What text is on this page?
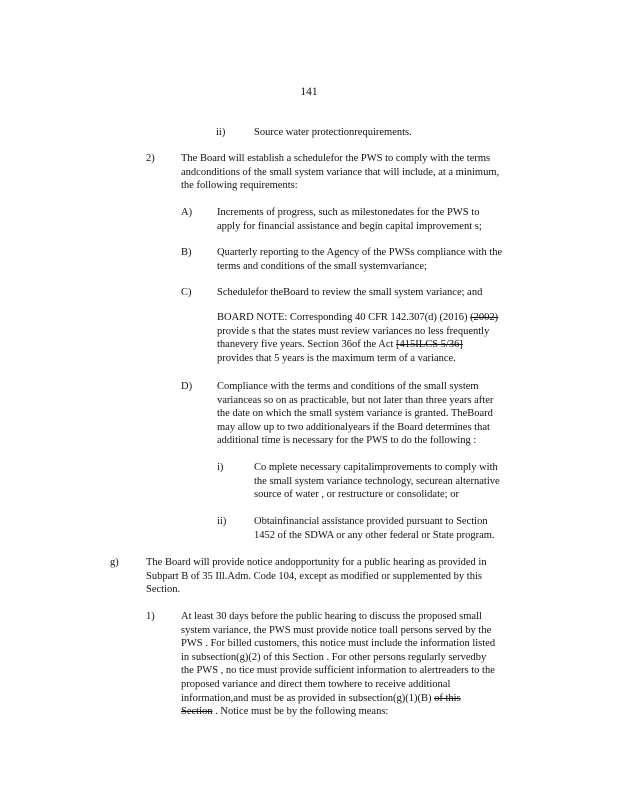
141
ii)	Source water protectionrequirements.
2)	The Board will establish a schedulefor the PWS to comply with the terms
andconditions of the small system variance that will include, at a minimum,
the following requirements:
A) Increments of progress, such as milestonedates for the PWS to
apply for financial assistance and begin capital improvement s;
B) Quarterly reporting to the Agency of the PWSs compliance with the
terms and conditions of the small systemvariance;
C) Schedulefor theBoard to review the small system variance; and
BOARD NOTE: Corresponding 40 CFR 142.307(d) (2016) (2002)
provide s that the states must review variances no less frequently
thanevery five years. Section 36of the Act [415ILCS 5/36]
provides that 5 years is the maximum term of a variance.
D) Compliance with the terms and conditions of the small system
varianceas so on as practicable, but not later than three years after
the date on which the small system variance is granted. TheBoard
may allow up to two additionalyears if the Board determines that
additional time is necessary for the PWS to do the following :
i)	Co mplete necessary capitalimprovements to comply with
the small system variance technology, securean alternative
source of water , or restructure or consolidate; or
ii)	Obtainfinancial assistance provided pursuant to Section
1452 of the SDWA or any other federal or State program.
g)	The Board will provide notice andopportunity for a public hearing as provided in
Subpart B of 35 Ill.Adm. Code 104, except as modified or supplemented by this
Section.
1)	At least 30 days before the public hearing to discuss the proposed small
system variance, the PWS must provide notice toall persons served by the
PWS . For billed customers, this notice must include the information listed
in subsection(g)(2) of this Section . For other persons regularly servedby
the PWS , no tice must provide sufficient information to alertreaders to the
proposed variance and direct them towhere to receive additional
information,and must be as provided in subsection(g)(1)(B) of this
Section . Notice must be by the following means:
